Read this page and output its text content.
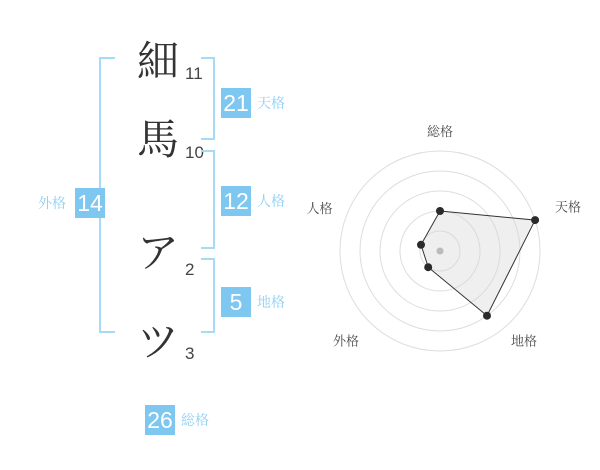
細
馬
ア
ツ
11
10
2
3
21 天格
12 人格
5	地格
外格 14
26 総格
総格
天格
地格
外格
人格
